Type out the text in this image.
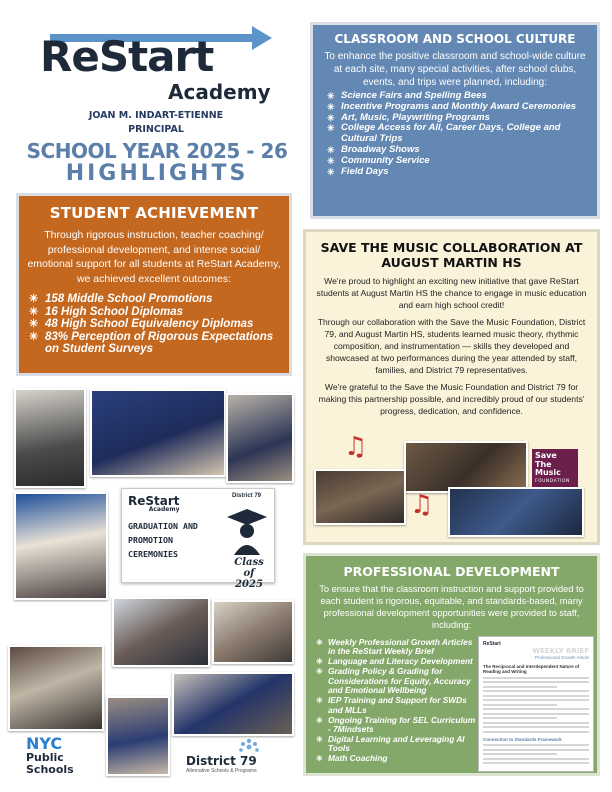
ReStart
Academy
JOAN M. INDART-ETIENNE
PRINCIPAL
SCHOOL YEAR 2025 - 26
HIGHLIGHTS
STUDENT ACHIEVEMENT

Through rigorous instruction, teacher coaching/ professional development, and intense social/ emotional support for all students at ReStart Academy, we achieved excellent outcomes:

✳ 158 Middle School Promotions
✳ 16 High School Diplomas
✳ 48 High School Equivalency Diplomas
✳ 83% Perception of Rigorous Expectations on Student Surveys
CLASSROOM AND SCHOOL CULTURE

To enhance the positive classroom and school-wide culture at each site, many special activities, after school clubs, events, and trips were planned, including:

✳ Science Fairs and Spelling Bees
✳ Incentive Programs and Monthly Award Ceremonies
✳ Art, Music, Playwriting Programs
✳ College Access for All, Career Days, College and Cultural Trips
✳ Broadway Shows
✳ Community Service
✳ Field Days
SAVE THE MUSIC COLLABORATION AT AUGUST MARTIN HS

We're proud to highlight an exciting new initiative that gave ReStart students at August Martin HS the chance to engage in music education and earn high school credit!

Through our collaboration with the Save the Music Foundation, District 79, and August Martin HS, students learned music theory, rhythmic composition, and instrumentation — skills they developed and showcased at two performances during the year attended by staff, families, and District 79 representatives.

We're grateful to the Save the Music Foundation and District 79 for making this partnership possible, and incredibly proud of our students' progress, dedication, and confidence.

♫	Save
The
Music
FOUNDATION
♫
ReStart
Academy
District 79
GRADUATION AND
PROMOTION
CEREMONIES
Class of 2025
PROFESSIONAL DEVELOPMENT

To ensure that the classroom instruction and support provided to each student is rigorous, equitable, and standards-based, many professional development opportunities were provided to staff, including:

✳ Weekly Professional Growth Articles in the ReStart Weekly Brief
✳ Language and Literacy Development
✳ Grading Policy & Grading for Considerations for Equity, Accuracy and Emotional Wellbeing
✳ IEP Training and Support for SWDs and MLLs
✳ Ongoing Training for SEL Curriculum - 7Mindsets
✳ Digital Learning and Leveraging AI Tools
✳ Math Coaching
ReStart
WEEKLY BRIEF
Professional Growth Article
The Reciprocal and Interdependent Nature of Reading and Writing
Connection to Standards Framework
NYC
Public
Schools
District 79
Alternative Schools & Programs
